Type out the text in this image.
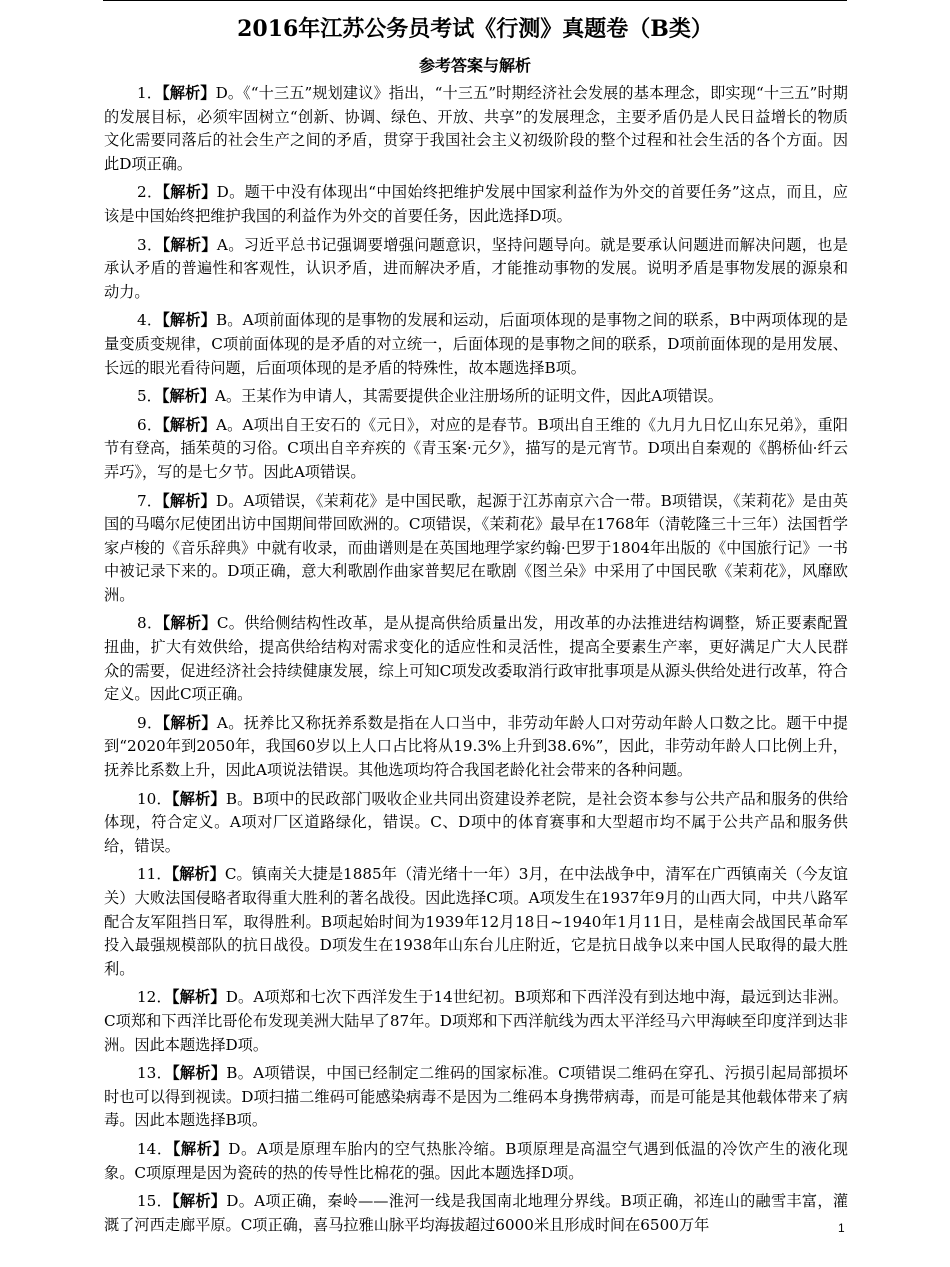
2016年江苏公务员考试《行测》真题卷（B类）
参考答案与解析

1．【解析】D。《“十三五”规划建议》指出，“十三五”时期经济社会发展的基本理念，即实现“十三五”时期的发展目标，必须牢固树立“创新、协调、绿色、开放、共享”的发展理念，主要矛盾仍是人民日益增长的物质文化需要同落后的社会生产之间的矛盾，贯穿于我国社会主义初级阶段的整个过程和社会生活的各个方面。因此D项正确。

2．【解析】D。题干中没有体现出“中国始终把维护发展中国家利益作为外交的首要任务”这点，而且，应该是中国始终把维护我国的利益作为外交的首要任务，因此选择D项。

3．【解析】A。习近平总书记强调要增强问题意识，坚持问题导向。就是要承认问题进而解决问题，也是承认矛盾的普遍性和客观性，认识矛盾，进而解决矛盾，才能推动事物的发展。说明矛盾是事物发展的源泉和动力。

4．【解析】B。A项前面体现的是事物的发展和运动，后面项体现的是事物之间的联系，B中两项体现的是量变质变规律，C项前面体现的是矛盾的对立统一，后面体现的是事物之间的联系，D项前面体现的是用发展、长远的眼光看待问题，后面项体现的是矛盾的特殊性，故本题选择B项。

5．【解析】A。王某作为申请人，其需要提供企业注册场所的证明文件，因此A项错误。

6．【解析】A。A项出自王安石的《元日》，对应的是春节。B项出自王维的《九月九日忆山东兄弟》，重阳节有登高，插茱萸的习俗。C项出自辛弃疾的《青玉案·元夕》，描写的是元宵节。D项出自秦观的《鹊桥仙·纤云弄巧》，写的是七夕节。因此A项错误。

7．【解析】D。A项错误，《茉莉花》是中国民歌，起源于江苏南京六合一带。B项错误，《茉莉花》是由英国的马噶尔尼使团出访中国期间带回欧洲的。C项错误，《茉莉花》最早在1768年（清乾隆三十三年）法国哲学家卢梭的《音乐辞典》中就有收录，而曲谱则是在英国地理学家约翰·巴罗于1804年出版的《中国旅行记》一书中被记录下来的。D项正确，意大利歌剧作曲家普契尼在歌剧《图兰朵》中采用了中国民歌《茉莉花》，风靡欧洲。

8．【解析】C。供给侧结构性改革，是从提高供给质量出发，用改革的办法推进结构调整，矫正要素配置扭曲，扩大有效供给，提高供给结构对需求变化的适应性和灵活性，提高全要素生产率，更好满足广大人民群众的需要，促进经济社会持续健康发展，综上可知C项发改委取消行政审批事项是从源头供给处进行改革，符合定义。因此C项正确。

9．【解析】A。抚养比又称抚养系数是指在人口当中，非劳动年龄人口对劳动年龄人口数之比。题干中提到“2020年到2050年，我国60岁以上人口占比将从19.3%上升到38.6%”，因此，非劳动年龄人口比例上升，抚养比系数上升，因此A项说法错误。其他选项均符合我国老龄化社会带来的各种问题。

10．【解析】B。B项中的民政部门吸收企业共同出资建设养老院，是社会资本参与公共产品和服务的供给体现，符合定义。A项对厂区道路绿化，错误。C、D项中的体育赛事和大型超市均不属于公共产品和服务供给，错误。

11．【解析】C。镇南关大捷是1885年（清光绪十一年）3月，在中法战争中，清军在广西镇南关（今友谊关）大败法国侵略者取得重大胜利的著名战役。因此选择C项。A项发生在1937年9月的山西大同，中共八路军配合友军阻挡日军，取得胜利。B项起始时间为1939年12月18日~1940年1月11日，是桂南会战国民革命军投入最强规模部队的抗日战役。D项发生在1938年山东台儿庄附近，它是抗日战争以来中国人民取得的最大胜利。

12．【解析】D。A项郑和七次下西洋发生于14世纪初。B项郑和下西洋没有到达地中海，最远到达非洲。C项郑和下西洋比哥伦布发现美洲大陆早了87年。D项郑和下西洋航线为西太平洋经马六甲海峡至印度洋到达非洲。因此本题选择D项。

13．【解析】B。A项错误，中国已经制定二维码的国家标准。C项错误二维码在穿孔、污损引起局部损坏时也可以得到视读。D项扫描二维码可能感染病毒不是因为二维码本身携带病毒，而是可能是其他载体带来了病毒。因此本题选择B项。

14．【解析】D。A项是原理车胎内的空气热胀冷缩。B项原理是高温空气遇到低温的冷饮产生的液化现象。C项原理是因为瓷砖的热的传导性比棉花的强。因此本题选择D项。

15．【解析】D。A项正确，秦岭——淮河一线是我国南北地理分界线。B项正确，祁连山的融雪丰富，灌溉了河西走廊平原。C项正确，喜马拉雅山脉平均海拔超过6000米且形成时间在6500万年	1
